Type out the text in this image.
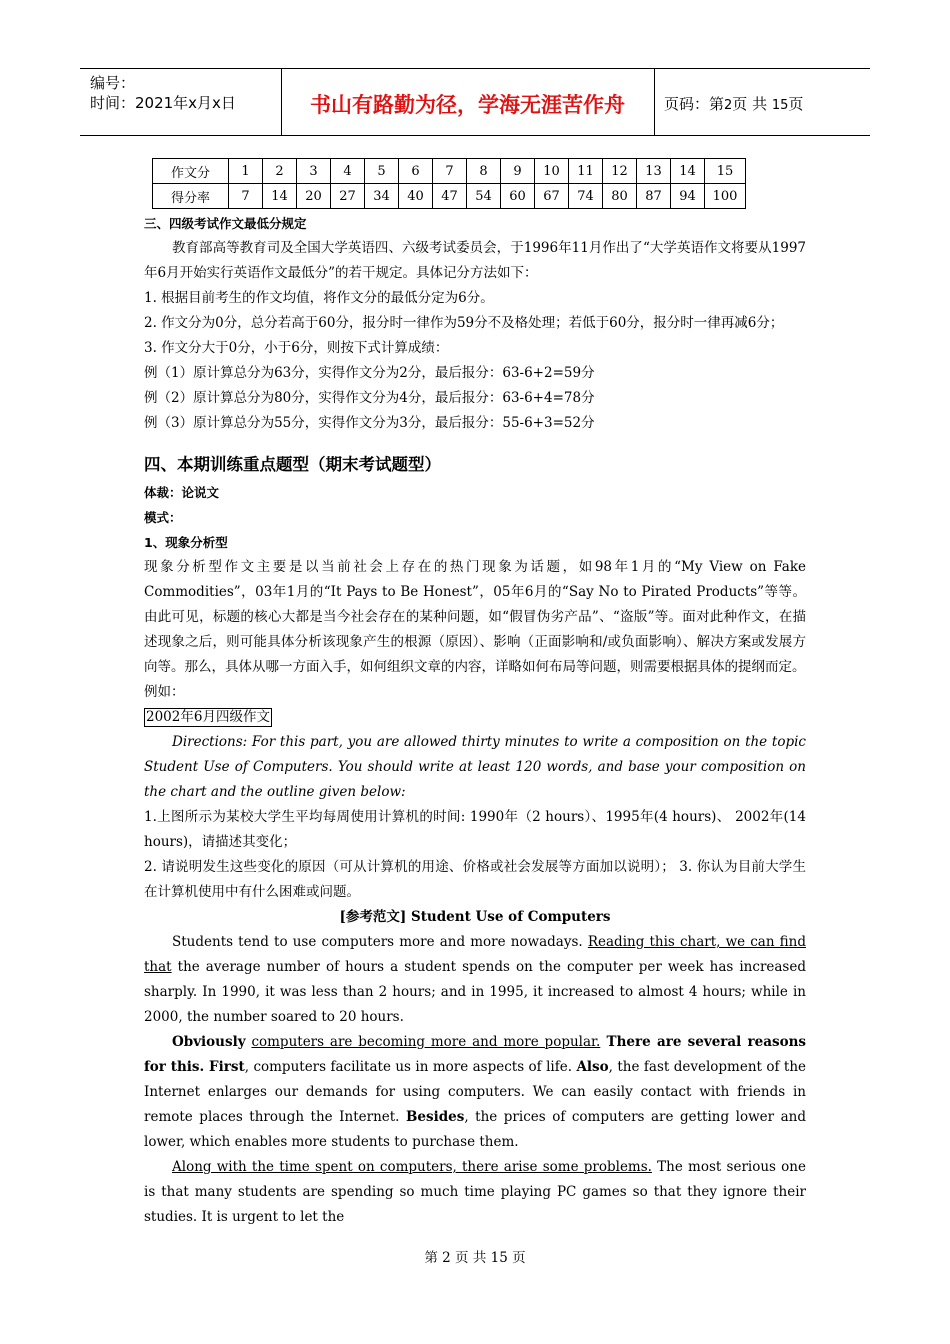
编号：
时间：2021年x月x日	书山有路勤为径，学海无涯苦作舟	页码：第2页 共 15页
作文分	1	2	3	4	5	6	7	8	9	10	11	12	13	14	15
得分率	7	14	20	27	34	40	47	54	60	67	74	80	87	94	100

三、四级考试作文最低分规定

教育部高等教育司及全国大学英语四、六级考试委员会，于1996年11月作出了“大学英语作文将要从1997年6月开始实行英语作文最低分”的若干规定。具体记分方法如下：

1. 根据目前考生的作文均值，将作文分的最低分定为6分。

2. 作文分为0分，总分若高于60分，报分时一律作为59分不及格处理；若低于60分，报分时一律再减6分；

3. 作文分大于0分，小于6分，则按下式计算成绩：

例（1）原计算总分为63分，实得作文分为2分，最后报分：63-6+2=59分

例（2）原计算总分为80分，实得作文分为4分，最后报分：63-6+4=78分

例（3）原计算总分为55分，实得作文分为3分，最后报分：55-6+3=52分

四、本期训练重点题型（期末考试题型）

体裁：论说文

模式：

1、现象分析型

现象分析型作文主要是以当前社会上存在的热门现象为话题，如98年1月的“My View on Fake Commodities”，03年1月的“It Pays to Be Honest”，05年6月的“Say No to Pirated Products”等等。由此可见，标题的核心大都是当今社会存在的某种问题，如“假冒伪劣产品”、“盗版”等。面对此种作文，在描述现象之后，则可能具体分析该现象产生的根源（原因）、影响（正面影响和/或负面影响）、解决方案或发展方向等。那么，具体从哪一方面入手，如何组织文章的内容，详略如何布局等问题，则需要根据具体的提纲而定。

例如：

2002年6月四级作文

Directions: For this part, you are allowed thirty minutes to write a composition on the topic Student Use of Computers. You should write at least 120 words, and base your composition on the chart and the outline given below:

1.上图所示为某校大学生平均每周使用计算机的时间: 1990年（2 hours）、1995年(4 hours)、 2002年(14 hours)，请描述其变化；

2. 请说明发生这些变化的原因（可从计算机的用途、价格或社会发展等方面加以说明）； 3. 你认为目前大学生在计算机使用中有什么困难或问题。

[参考范文] Student Use of Computers

Students tend to use computers more and more nowadays. Reading this chart, we can find that the average number of hours a student spends on the computer per week has increased sharply. In 1990, it was less than 2 hours; and in 1995, it increased to almost 4 hours; while in 2000, the number soared to 20 hours.

Obviously computers are becoming more and more popular. There are several reasons for this. First, computers facilitate us in more aspects of life. Also, the fast development of the Internet enlarges our demands for using computers. We can easily contact with friends in remote places through the Internet. Besides, the prices of computers are getting lower and lower, which enables more students to purchase them.

Along with the time spent on computers, there arise some problems. The most serious one is that many students are spending so much time playing PC games so that they ignore their studies. It is urgent to let the

第 2 页 共 15 页
